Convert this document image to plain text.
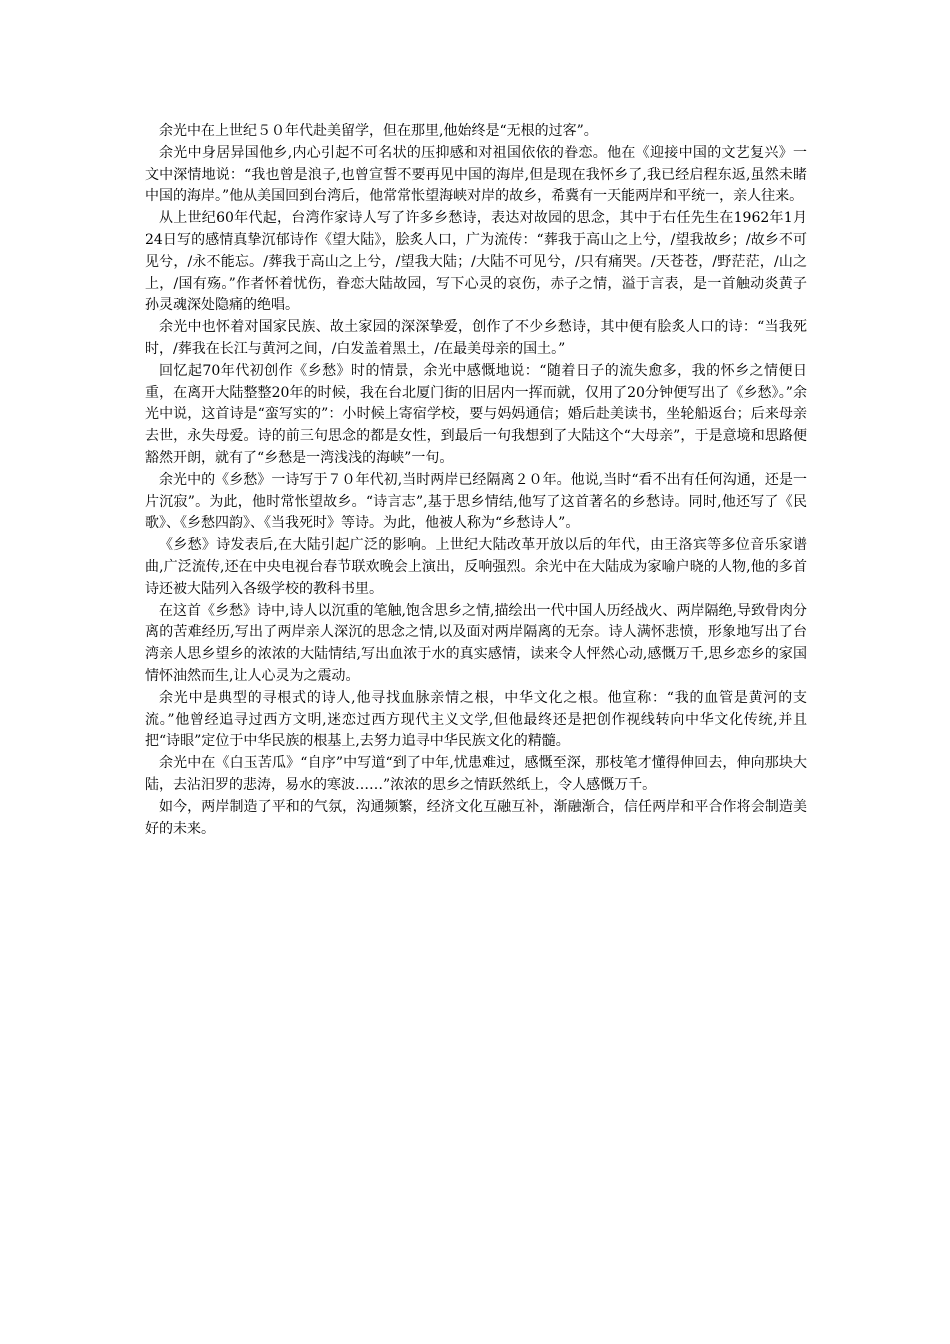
余光中在上世纪５０年代赴美留学，但在那里,他始终是“无根的过客”。

余光中身居异国他乡,内心引起不可名状的压抑感和对祖国依依的眷恋。他在《迎接中国的文艺复兴》一文中深情地说：“我也曾是浪子,也曾宣誓不要再见中国的海岸,但是现在我怀乡了,我已经启程东返,虽然未睹中国的海岸。”他从美国回到台湾后，他常常怅望海峡对岸的故乡，希冀有一天能两岸和平统一，亲人往来。

从上世纪60年代起，台湾作家诗人写了许多乡愁诗，表达对故园的思念，其中于右任先生在1962年1月24日写的感情真挚沉郁诗作《望大陆》，脍炙人口，广为流传：“葬我于高山之上兮，/望我故乡；/故乡不可见兮，/永不能忘。/葬我于高山之上兮，/望我大陆；/大陆不可见兮，/只有痛哭。/天苍苍，/野茫茫，/山之上，/国有殇。”作者怀着忧伤，眷恋大陆故园，写下心灵的哀伤，赤子之情，溢于言表，是一首触动炎黄子孙灵魂深处隐痛的绝唱。

余光中也怀着对国家民族、故土家园的深深挚爱，创作了不少乡愁诗，其中便有脍炙人口的诗：“当我死时，/葬我在长江与黄河之间，/白发盖着黑土，/在最美母亲的国土。”

回忆起70年代初创作《乡愁》时的情景，余光中感慨地说：“随着日子的流失愈多，我的怀乡之情便日重，在离开大陆整整20年的时候，我在台北厦门街的旧居内一挥而就，仅用了20分钟便写出了《乡愁》。”余光中说，这首诗是“蛮写实的”：小时候上寄宿学校，要与妈妈通信；婚后赴美读书，坐轮船返台；后来母亲去世，永失母爱。诗的前三句思念的都是女性，到最后一句我想到了大陆这个“大母亲”，于是意境和思路便豁然开朗，就有了“乡愁是一湾浅浅的海峡”一句。

余光中的《乡愁》一诗写于７０年代初,当时两岸已经隔离２０年。他说,当时“看不出有任何沟通，还是一片沉寂”。为此，他时常怅望故乡。“诗言志”,基于思乡情结,他写了这首著名的乡愁诗。同时,他还写了《民歌》、《乡愁四韵》、《当我死时》等诗。为此，他被人称为“乡愁诗人”。

《乡愁》诗发表后,在大陆引起广泛的影响。上世纪大陆改革开放以后的年代，由王洛宾等多位音乐家谱曲,广泛流传,还在中央电视台春节联欢晚会上演出，反响强烈。余光中在大陆成为家喻户晓的人物,他的多首诗还被大陆列入各级学校的教科书里。

在这首《乡愁》诗中,诗人以沉重的笔触,饱含思乡之情,描绘出一代中国人历经战火、两岸隔绝,导致骨肉分离的苦难经历,写出了两岸亲人深沉的思念之情,以及面对两岸隔离的无奈。诗人满怀悲愤，形象地写出了台湾亲人思乡望乡的浓浓的大陆情结,写出血浓于水的真实感情，读来令人怦然心动,感慨万千,思乡恋乡的家国情怀油然而生,让人心灵为之震动。

余光中是典型的寻根式的诗人,他寻找血脉亲情之根，中华文化之根。他宣称：“我的血管是黄河的支流。”他曾经追寻过西方文明,迷恋过西方现代主义文学,但他最终还是把创作视线转向中华文化传统,并且把“诗眼”定位于中华民族的根基上,去努力追寻中华民族文化的精髓。

余光中在《白玉苦瓜》“自序”中写道“到了中年,忧患难过，感慨至深，那枝笔才懂得伸回去，伸向那块大陆，去沾汨罗的悲涛，易水的寒波……”浓浓的思乡之情跃然纸上，令人感慨万千。

如今，两岸制造了平和的气氛，沟通频繁，经济文化互融互补，渐融渐合，信任两岸和平合作将会制造美好的未来。
